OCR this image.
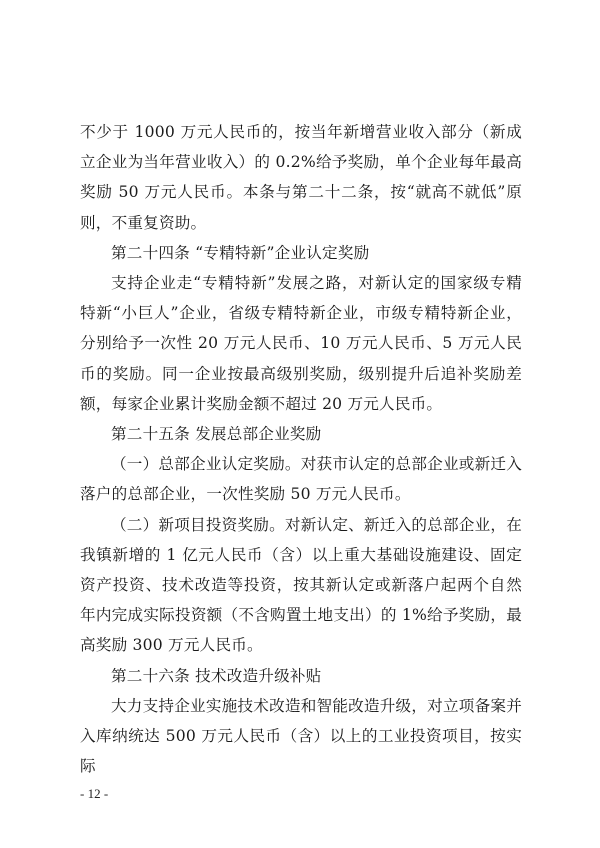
不少于 1000 万元人民币的，按当年新增营业收入部分（新成立企业为当年营业收入）的 0.2%给予奖励，单个企业每年最高奖励 50 万元人民币。本条与第二十二条，按“就高不就低”原则，不重复资助。

第二十四条 “专精特新”企业认定奖励

支持企业走“专精特新”发展之路，对新认定的国家级专精特新“小巨人”企业，省级专精特新企业，市级专精特新企业，分别给予一次性 20 万元人民币、10 万元人民币、5 万元人民币的奖励。同一企业按最高级别奖励，级别提升后追补奖励差额，每家企业累计奖励金额不超过 20 万元人民币。

第二十五条 发展总部企业奖励

（一）总部企业认定奖励。对获市认定的总部企业或新迁入落户的总部企业，一次性奖励 50 万元人民币。

（二）新项目投资奖励。对新认定、新迁入的总部企业，在我镇新增的 1 亿元人民币（含）以上重大基础设施建设、固定资产投资、技术改造等投资，按其新认定或新落户起两个自然年内完成实际投资额（不含购置土地支出）的 1%给予奖励，最高奖励 300 万元人民币。

第二十六条 技术改造升级补贴

大力支持企业实施技术改造和智能改造升级，对立项备案并入库纳统达 500 万元人民币（含）以上的工业投资项目，按实际

- 12 -
